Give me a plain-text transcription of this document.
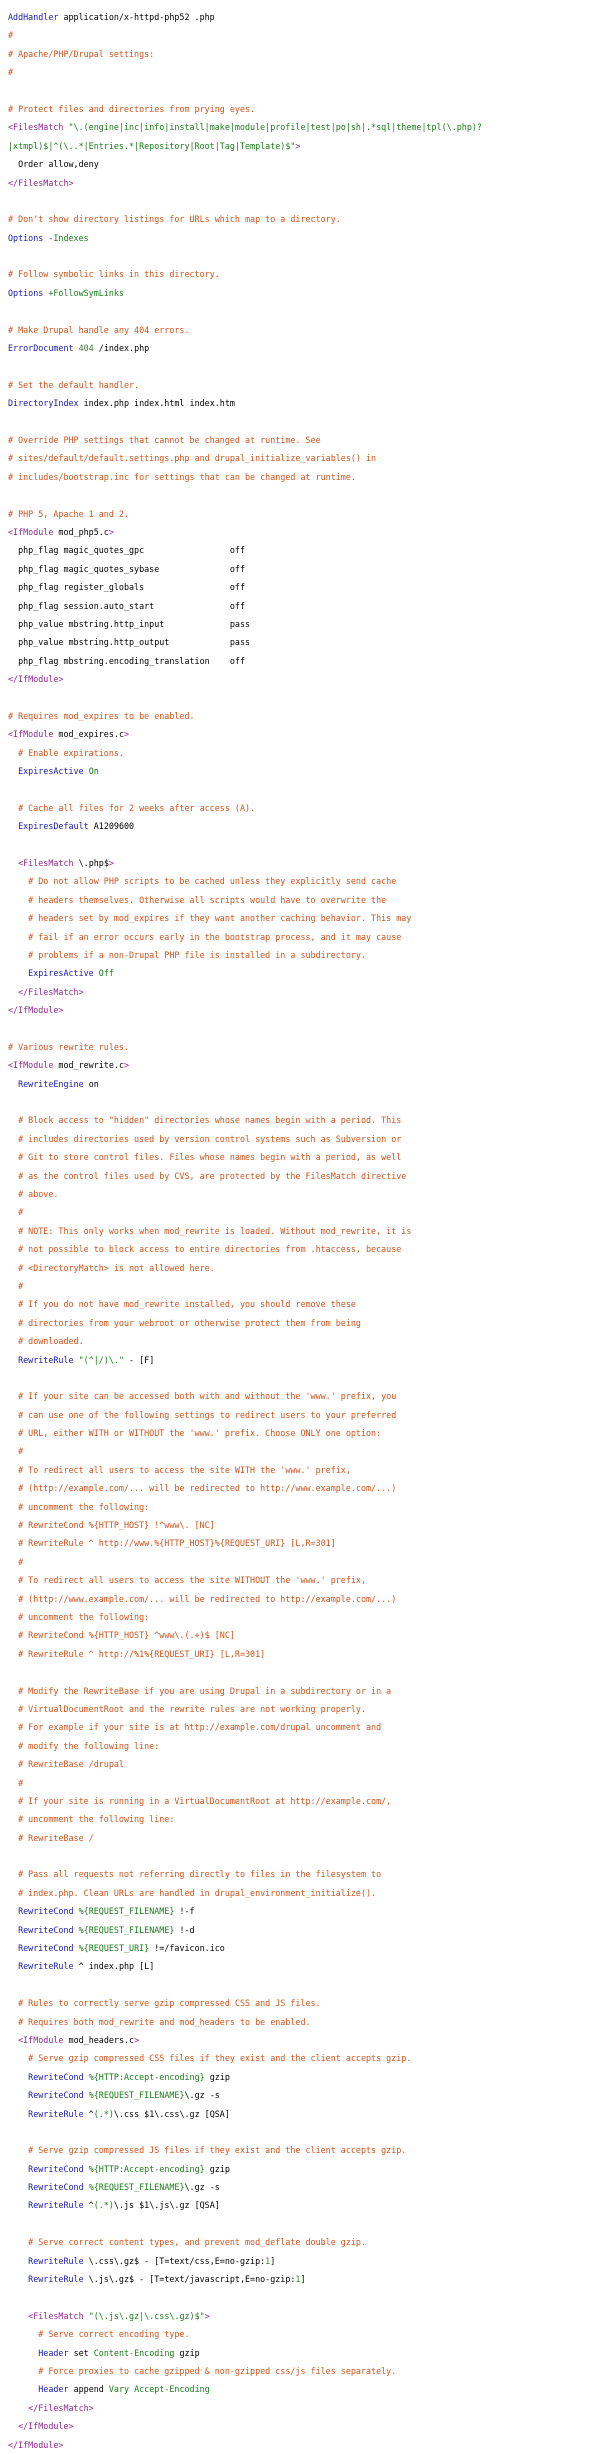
AddHandler application/x-httpd-php52 .php
#
# Apache/PHP/Drupal settings:
#
# Protect files and directories from prying eyes.
<FilesMatch "\.(engine|inc|info|install|make|module|profile|test|po|sh|.*sql|theme|tpl(\.php)?
|xtmpl)$|^(\..*|Entries.*|Repository|Root|Tag|Template)$">
Order allow,deny
</FilesMatch>
# Don't show directory listings for URLs which map to a directory.
Options -Indexes
# Follow symbolic links in this directory.
Options +FollowSymLinks
# Make Drupal handle any 404 errors.
ErrorDocument 404 /index.php
# Set the default handler.
DirectoryIndex index.php index.html index.htm
# Override PHP settings that cannot be changed at runtime. See
# sites/default/default.settings.php and drupal_initialize_variables() in
# includes/bootstrap.inc for settings that can be changed at runtime.
# PHP 5, Apache 1 and 2.
<IfModule mod_php5.c>
php_flag magic_quotes_gpc                 off
php_flag magic_quotes_sybase              off
php_flag register_globals                 off
php_flag session.auto_start               off
php_value mbstring.http_input             pass
php_value mbstring.http_output            pass
php_flag mbstring.encoding_translation    off
</IfModule>
# Requires mod_expires to be enabled.
<IfModule mod_expires.c>
# Enable expirations.
ExpiresActive On
# Cache all files for 2 weeks after access (A).
ExpiresDefault A1209600
<FilesMatch \.php$>
# Do not allow PHP scripts to be cached unless they explicitly send cache
# headers themselves. Otherwise all scripts would have to overwrite the
# headers set by mod_expires if they want another caching behavior. This may
# fail if an error occurs early in the bootstrap process, and it may cause
# problems if a non-Drupal PHP file is installed in a subdirectory.
ExpiresActive Off
</FilesMatch>
</IfModule>
# Various rewrite rules.
<IfModule mod_rewrite.c>
RewriteEngine on
# Block access to "hidden" directories whose names begin with a period. This
# includes directories used by version control systems such as Subversion or
# Git to store control files. Files whose names begin with a period, as well
# as the control files used by CVS, are protected by the FilesMatch directive
# above.
#
# NOTE: This only works when mod_rewrite is loaded. Without mod_rewrite, it is
# not possible to block access to entire directories from .htaccess, because
# <DirectoryMatch> is not allowed here.
#
# If you do not have mod_rewrite installed, you should remove these
# directories from your webroot or otherwise protect them from being
# downloaded.
RewriteRule "(^|/)\." - [F]
# If your site can be accessed both with and without the 'www.' prefix, you
# can use one of the following settings to redirect users to your preferred
# URL, either WITH or WITHOUT the 'www.' prefix. Choose ONLY one option:
#
# To redirect all users to access the site WITH the 'www.' prefix,
# (http://example.com/... will be redirected to http://www.example.com/...)
# uncomment the following:
# RewriteCond %{HTTP_HOST} !^www\. [NC]
# RewriteRule ^ http://www.%{HTTP_HOST}%{REQUEST_URI} [L,R=301]
#
# To redirect all users to access the site WITHOUT the 'www.' prefix,
# (http://www.example.com/... will be redirected to http://example.com/...)
# uncomment the following:
# RewriteCond %{HTTP_HOST} ^www\.(.+)$ [NC]
# RewriteRule ^ http://%1%{REQUEST_URI} [L,R=301]
# Modify the RewriteBase if you are using Drupal in a subdirectory or in a
# VirtualDocumentRoot and the rewrite rules are not working properly.
# For example if your site is at http://example.com/drupal uncomment and
# modify the following line:
# RewriteBase /drupal
#
# If your site is running in a VirtualDocumentRoot at http://example.com/,
# uncomment the following line:
# RewriteBase /
# Pass all requests not referring directly to files in the filesystem to
# index.php. Clean URLs are handled in drupal_environment_initialize().
RewriteCond %{REQUEST_FILENAME} !-f
RewriteCond %{REQUEST_FILENAME} !-d
RewriteCond %{REQUEST_URI} !=/favicon.ico
RewriteRule ^ index.php [L]
# Rules to correctly serve gzip compressed CSS and JS files.
# Requires both mod_rewrite and mod_headers to be enabled.
<IfModule mod_headers.c>
# Serve gzip compressed CSS files if they exist and the client accepts gzip.
RewriteCond %{HTTP:Accept-encoding} gzip
RewriteCond %{REQUEST_FILENAME}\.gz -s
RewriteRule ^(.*)\.css $1\.css\.gz [QSA]
# Serve gzip compressed JS files if they exist and the client accepts gzip.
RewriteCond %{HTTP:Accept-encoding} gzip
RewriteCond %{REQUEST_FILENAME}\.gz -s
RewriteRule ^(.*)\.js $1\.js\.gz [QSA]
# Serve correct content types, and prevent mod_deflate double gzip.
RewriteRule \.css\.gz$ - [T=text/css,E=no-gzip:1]
RewriteRule \.js\.gz$ - [T=text/javascript,E=no-gzip:1]
<FilesMatch "(\.js\.gz|\.css\.gz)$">
# Serve correct encoding type.
Header set Content-Encoding gzip
# Force proxies to cache gzipped & non-gzipped css/js files separately.
Header append Vary Accept-Encoding
</FilesMatch>
</IfModule>
</IfModule>
